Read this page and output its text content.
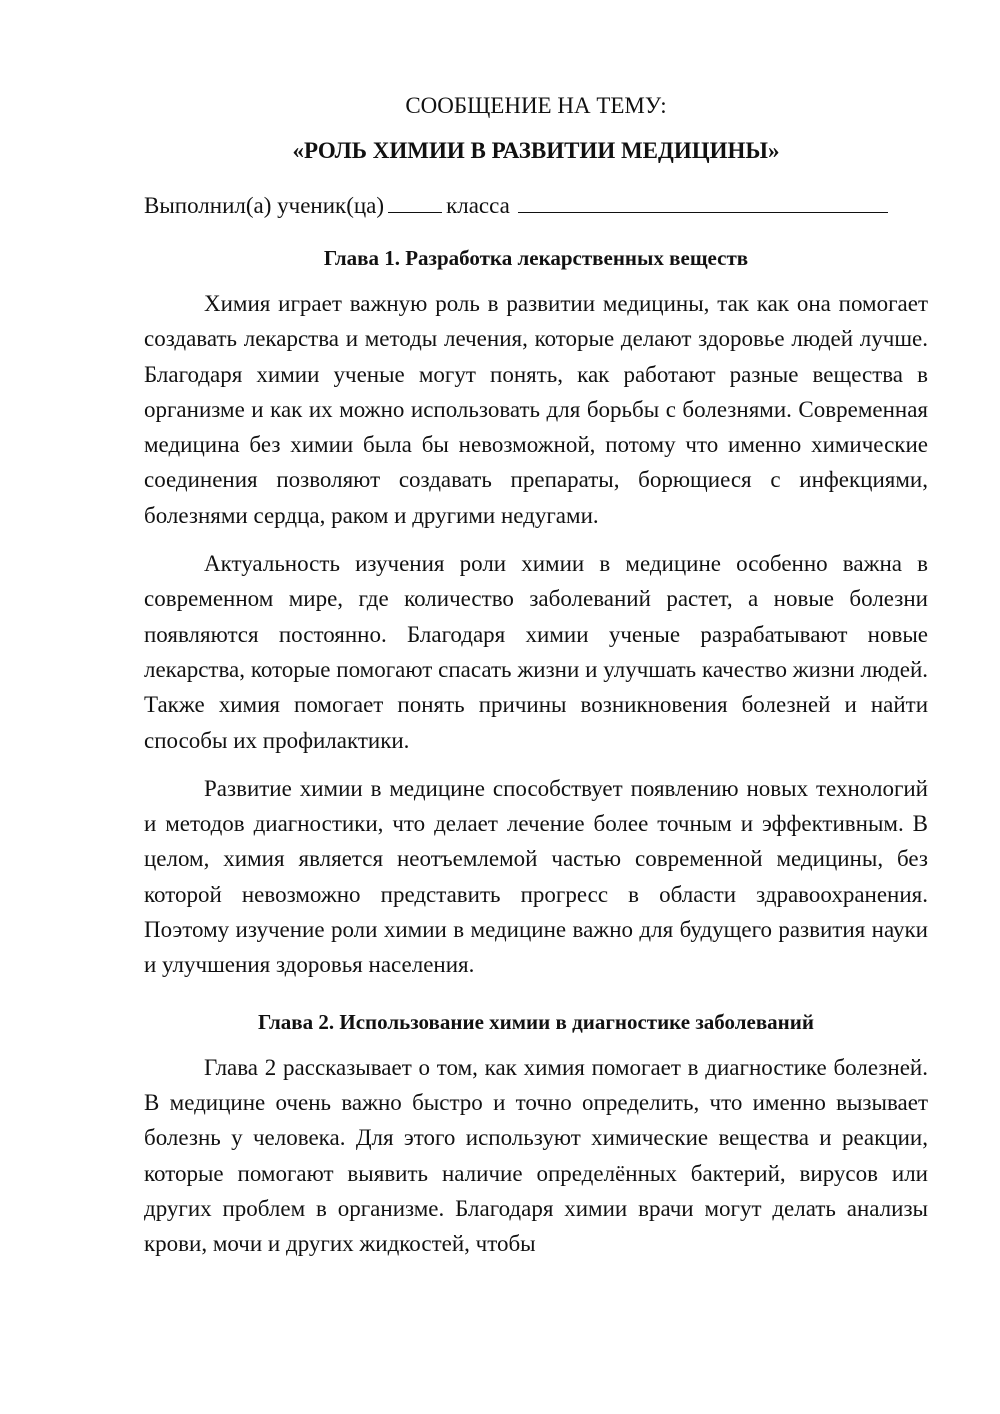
СООБЩЕНИЕ НА ТЕМУ:

«РОЛЬ ХИМИИ В РАЗВИТИИ МЕДИЦИНЫ»

Выполнил(а) ученик(ца)	класса

Глава 1. Разработка лекарственных веществ

Химия играет важную роль в развитии медицины, так как она помогает создавать лекарства и методы лечения, которые делают здоровье людей лучше. Благодаря химии ученые могут понять, как работают разные вещества в организме и как их можно использовать для борьбы с болезнями. Современная медицина без химии была бы невозможной, потому что именно химические соединения позволяют создавать препараты, борющиеся с инфекциями, болезнями сердца, раком и другими недугами.

Актуальность изучения роли химии в медицине особенно важна в современном мире, где количество заболеваний растет, а новые болезни появляются постоянно. Благодаря химии ученые разрабатывают новые лекарства, которые помогают спасать жизни и улучшать качество жизни людей. Также химия помогает понять причины возникновения болезней и найти способы их профилактики.

Развитие химии в медицине способствует появлению новых технологий и методов диагностики, что делает лечение более точным и эффективным. В целом, химия является неотъемлемой частью современной медицины, без которой невозможно представить прогресс в области здравоохранения. Поэтому изучение роли химии в медицине важно для будущего развития науки и улучшения здоровья населения.

Глава 2. Использование химии в диагностике заболеваний

Глава 2 рассказывает о том, как химия помогает в диагностике болезней. В медицине очень важно быстро и точно определить, что именно вызывает болезнь у человека. Для этого используют химические вещества и реакции, которые помогают выявить наличие определённых бактерий, вирусов или других проблем в организме. Благодаря химии врачи могут делать анализы крови, мочи и других жидкостей, чтобы
